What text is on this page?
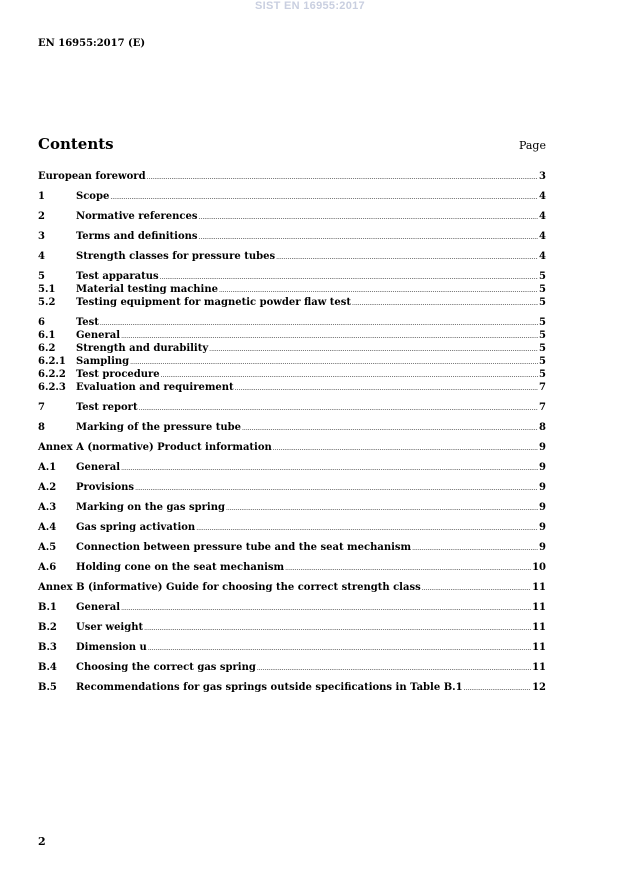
SIST EN 16955:2017
EN 16955:2017 (E)
Contents	Page
European foreword .....	3
1	Scope .....	4
2	Normative references .....	4
3	Terms and definitions .....	4
4	Strength classes for pressure tubes .....	4
5	Test apparatus .....	5
5.1	Material testing machine .....	5
5.2	Testing equipment for magnetic powder flaw test .....	5
6	Test .....	5
6.1	General .....	5
6.2	Strength and durability .....	5
6.2.1	Sampling .....	5
6.2.2	Test procedure .....	5
6.2.3	Evaluation and requirement .....	7
7	Test report .....	7
8	Marking of the pressure tube .....	8
Annex A (normative) Product information .....	9
A.1	General .....	9
A.2	Provisions .....	9
A.3	Marking on the gas spring .....	9
A.4	Gas spring activation .....	9
A.5	Connection between pressure tube and the seat mechanism .....	9
A.6	Holding cone on the seat mechanism .....	10
Annex B (informative) Guide for choosing the correct strength class .....	11
B.1	General .....	11
B.2	User weight .....	11
B.3	Dimension u .....	11
B.4	Choosing the correct gas spring .....	11
B.5	Recommendations for gas springs outside specifications in Table B.1 .....	12
2
